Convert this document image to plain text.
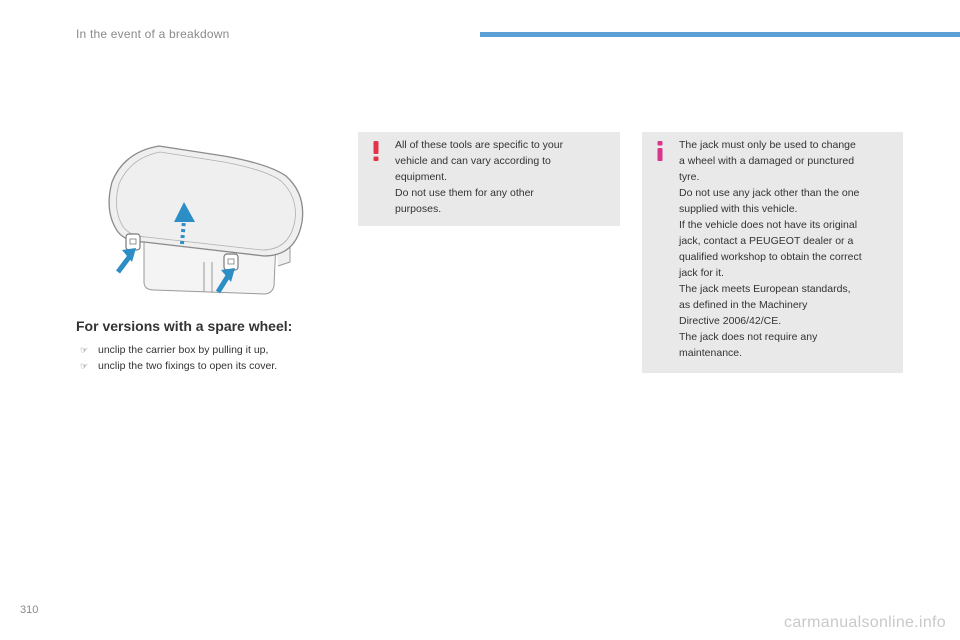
In the event of a breakdown
For versions with a spare wheel:
☞ unclip the carrier box by pulling it up,
☞ unclip the two fixings to open its cover.
All of these tools are specific to your
vehicle and can vary according to
equipment.
Do not use them for any other
purposes.
The jack must only be used to change
a wheel with a damaged or punctured
tyre.
Do not use any jack other than the one
supplied with this vehicle.
If the vehicle does not have its original
jack, contact a PEUGEOT dealer or a
qualified workshop to obtain the correct
jack for it.
The jack meets European standards,
as defined in the Machinery
Directive 2006/42/CE.
The jack does not require any
maintenance.
310
carmanualsonline.info
